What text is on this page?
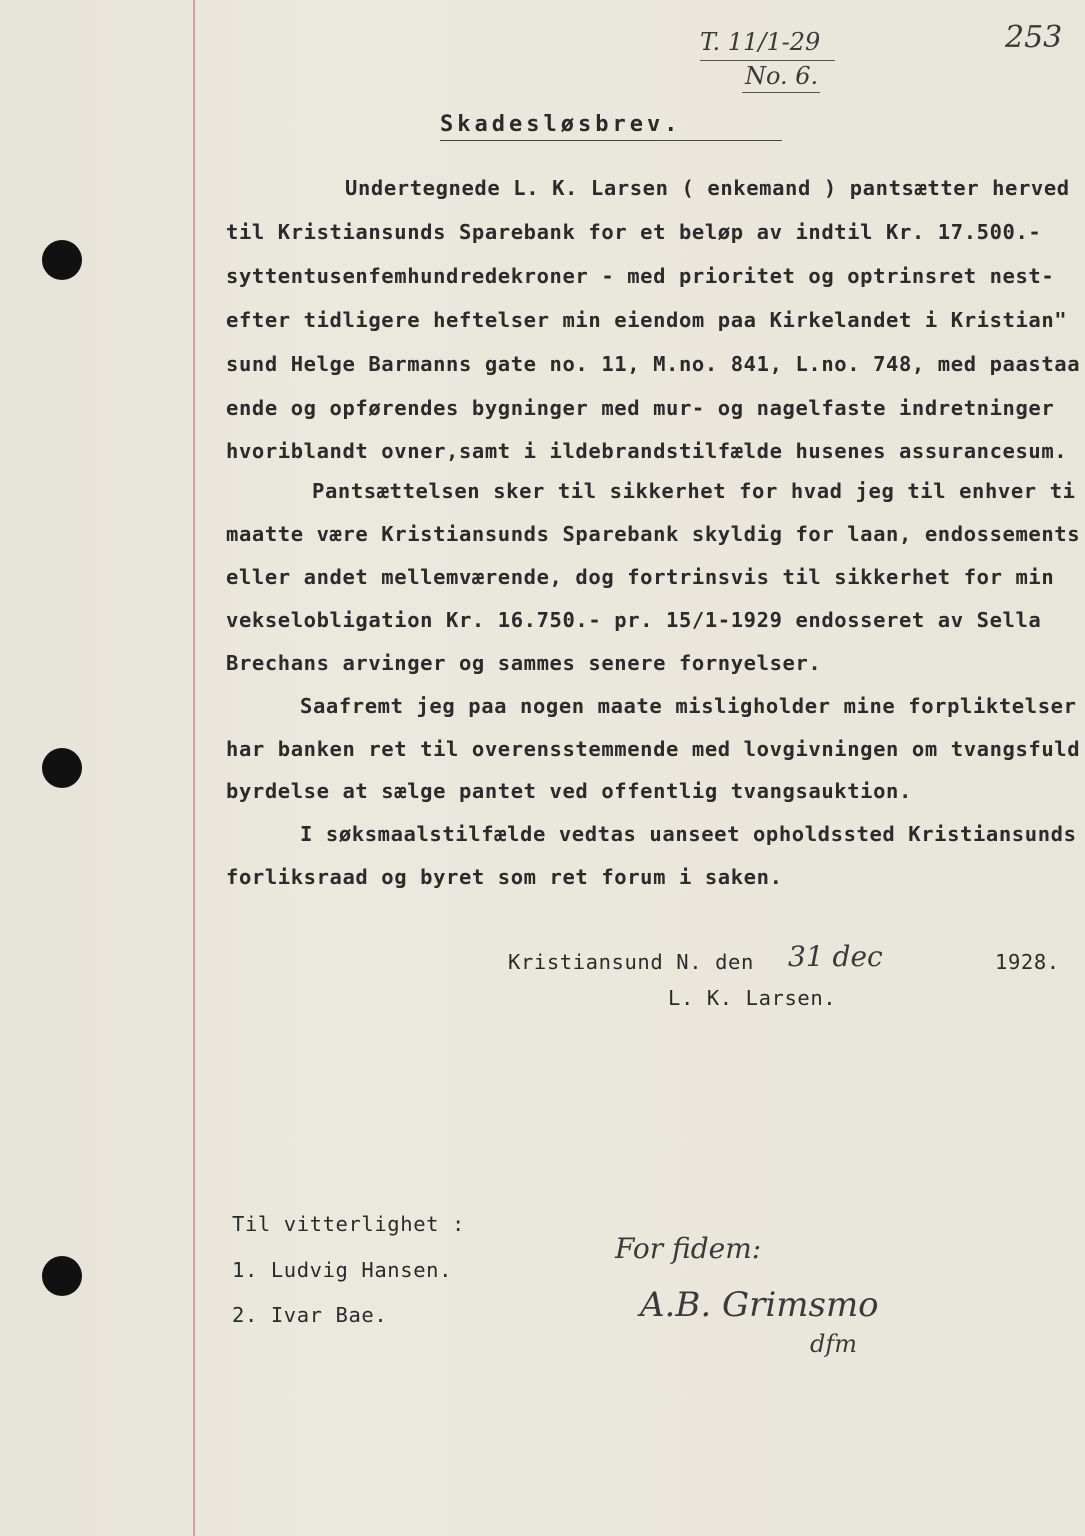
T. 11/1-29
No. 6.
253
Skadesløsbrev.
Undertegnede L. K. Larsen ( enkemand ) pantsætter herved
til Kristiansunds Sparebank for et beløp av indtil Kr. 17.500.-
syttentusenfemhundredekroner - med prioritet og optrinsret nest-
efter tidligere heftelser min eiendom paa Kirkelandet i Kristian"
sund Helge Barmanns gate no. 11, M.no. 841, L.no. 748, med paastaa
ende og opførendes bygninger med mur- og nagelfaste indretninger
hvoriblandt ovner,samt i ildebrandstilfælde husenes assurancesum.
Pantsættelsen sker til sikkerhet for hvad jeg til enhver ti
maatte være Kristiansunds Sparebank skyldig for laan, endossements
eller andet mellemværende, dog fortrinsvis til sikkerhet for min
vekselobligation Kr. 16.750.- pr. 15/1-1929 endosseret av Sella
Brechans arvinger og sammes senere fornyelser.
Saafremt jeg paa nogen maate misligholder mine forpliktelser
har banken ret til overensstemmende med lovgivningen om tvangsfuld
byrdelse at sælge pantet ved offentlig tvangsauktion.
I søksmaalstilfælde vedtas uanseet opholdssted Kristiansunds
forliksraad og byret som ret forum i saken.
Kristiansund N. den 31 dec	1928.
L. K. Larsen.
Til vitterlighet :
1. Ludvig Hansen.
2. Ivar Bae.
For fidem:
A.B. Grimsmo
dfm
